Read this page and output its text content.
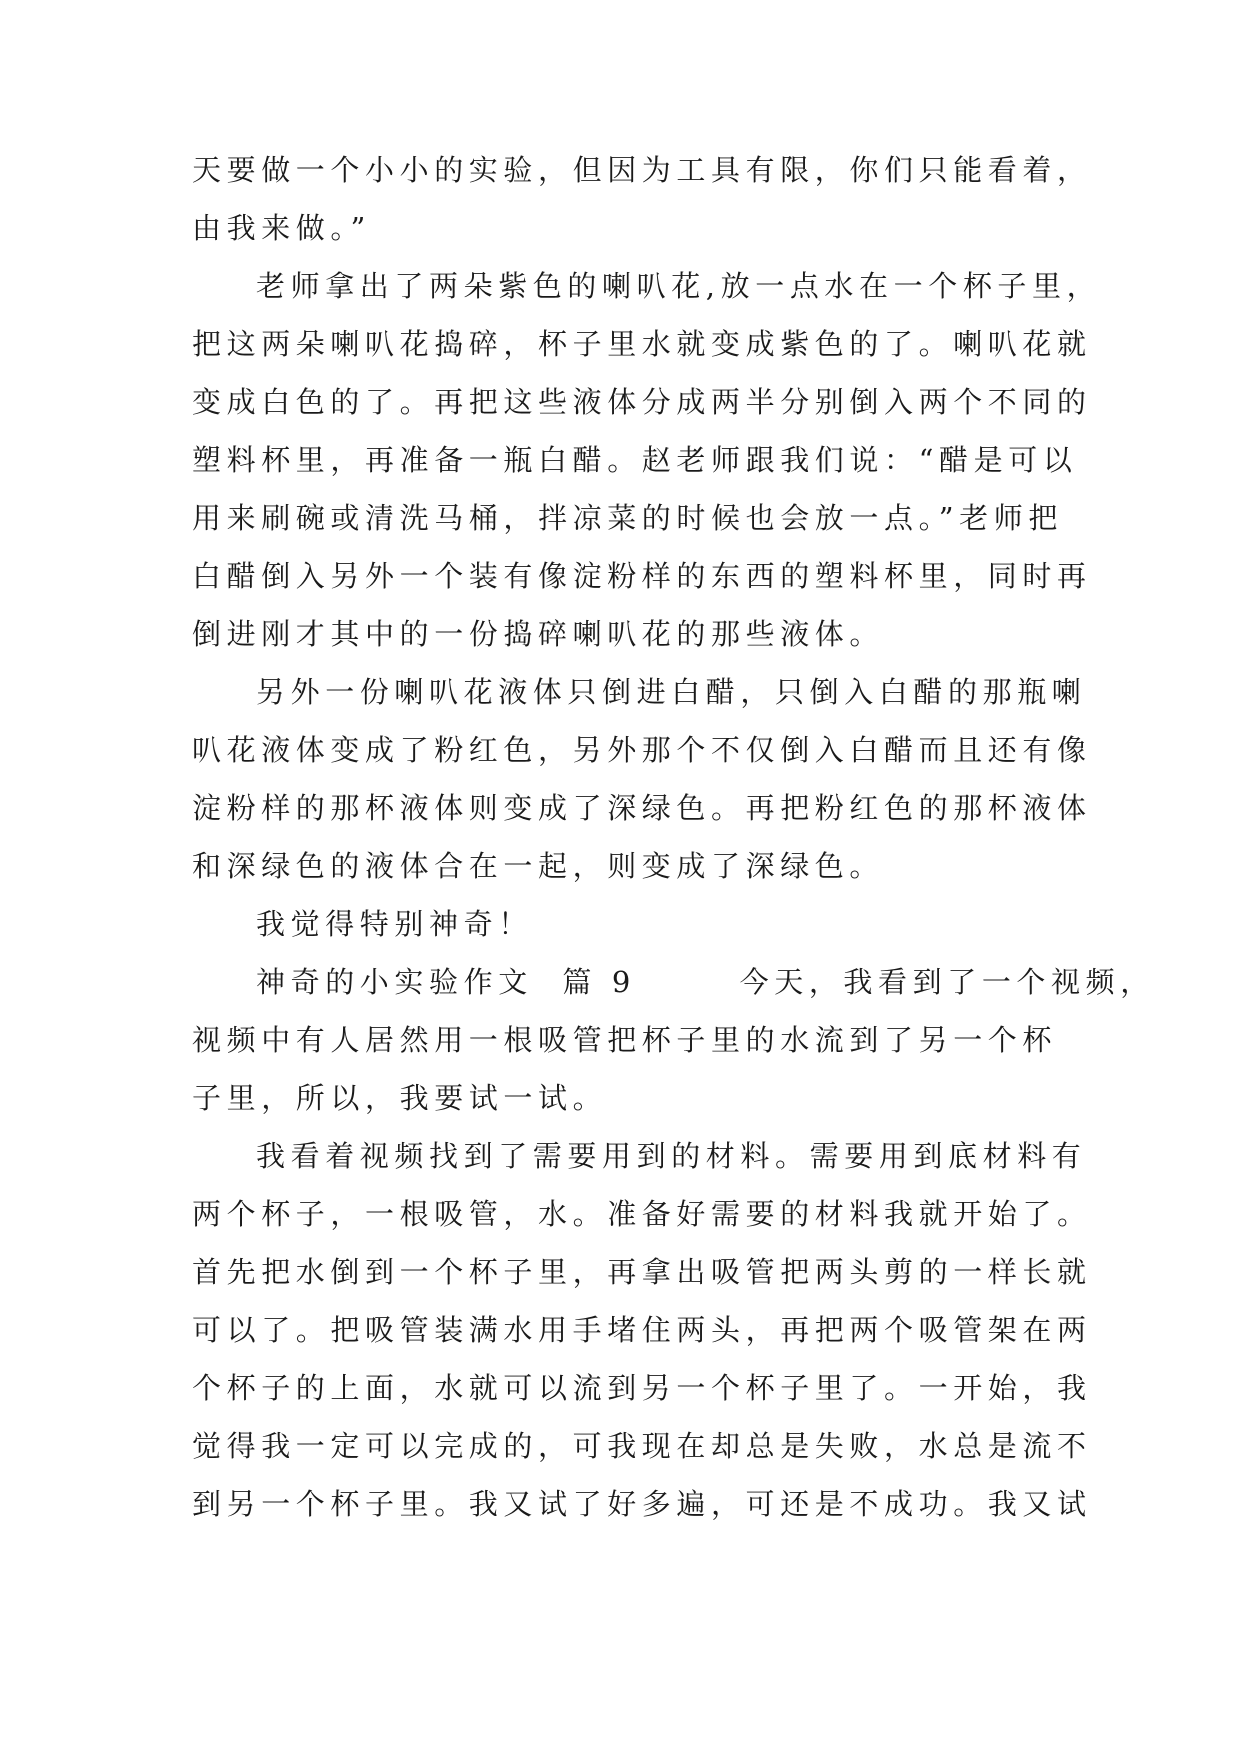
天要做一个小小的实验，但因为工具有限，你们只能看着，
由我来做。”
老师拿出了两朵紫色的喇叭花,放一点水在一个杯子里，
把这两朵喇叭花捣碎，杯子里水就变成紫色的了。喇叭花就
变成白色的了。再把这些液体分成两半分别倒入两个不同的
塑料杯里，再准备一瓶白醋。赵老师跟我们说：“醋是可以
用来刷碗或清洗马桶，拌凉菜的时候也会放一点。”老师把
白醋倒入另外一个装有像淀粉样的东西的塑料杯里，同时再
倒进刚才其中的一份捣碎喇叭花的那些液体。
另外一份喇叭花液体只倒进白醋，只倒入白醋的那瓶喇
叭花液体变成了粉红色，另外那个不仅倒入白醋而且还有像
淀粉样的那杯液体则变成了深绿色。再把粉红色的那杯液体
和深绿色的液体合在一起，则变成了深绿色。
我觉得特别神奇！
神奇的小实验作文  篇 9       今天，我看到了一个视频，
视频中有人居然用一根吸管把杯子里的水流到了另一个杯
子里，所以，我要试一试。
我看着视频找到了需要用到的材料。需要用到底材料有
两个杯子，一根吸管，水。准备好需要的材料我就开始了。
首先把水倒到一个杯子里，再拿出吸管把两头剪的一样长就
可以了。把吸管装满水用手堵住两头，再把两个吸管架在两
个杯子的上面，水就可以流到另一个杯子里了。一开始，我
觉得我一定可以完成的，可我现在却总是失败，水总是流不
到另一个杯子里。我又试了好多遍，可还是不成功。我又试
